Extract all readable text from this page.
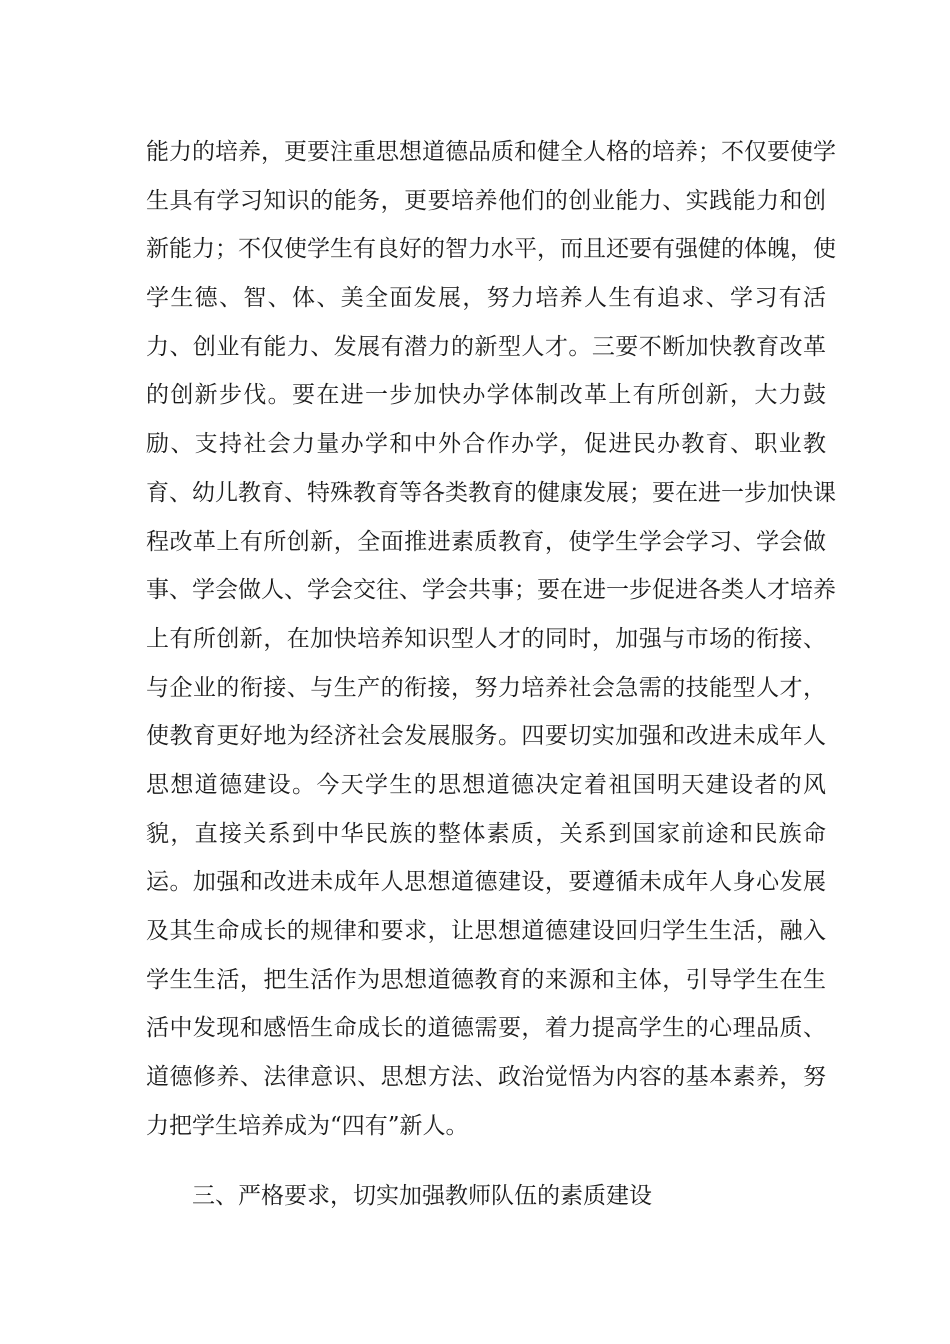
能力的培养，更要注重思想道德品质和健全人格的培养；不仅要使学
生具有学习知识的能务，更要培养他们的创业能力、实践能力和创
新能力；不仅使学生有良好的智力水平，而且还要有强健的体魄，使
学生德、智、体、美全面发展，努力培养人生有追求、学习有活
力、创业有能力、发展有潜力的新型人才。三要不断加快教育改革
的创新步伐。要在进一步加快办学体制改革上有所创新，大力鼓
励、支持社会力量办学和中外合作办学，促进民办教育、职业教
育、幼儿教育、特殊教育等各类教育的健康发展；要在进一步加快课
程改革上有所创新，全面推进素质教育，使学生学会学习、学会做
事、学会做人、学会交往、学会共事；要在进一步促进各类人才培养
上有所创新，在加快培养知识型人才的同时，加强与市场的衔接、
与企业的衔接、与生产的衔接，努力培养社会急需的技能型人才，
使教育更好地为经济社会发展服务。四要切实加强和改进未成年人
思想道德建设。今天学生的思想道德决定着祖国明天建设者的风
貌，直接关系到中华民族的整体素质，关系到国家前途和民族命
运。加强和改进未成年人思想道德建设，要遵循未成年人身心发展
及其生命成长的规律和要求，让思想道德建设回归学生生活，融入
学生生活，把生活作为思想道德教育的来源和主体，引导学生在生
活中发现和感悟生命成长的道德需要，着力提高学生的心理品质、
道德修养、法律意识、思想方法、政治觉悟为内容的基本素养，努
力把学生培养成为“四有”新人。
三、严格要求，切实加强教师队伍的素质建设
